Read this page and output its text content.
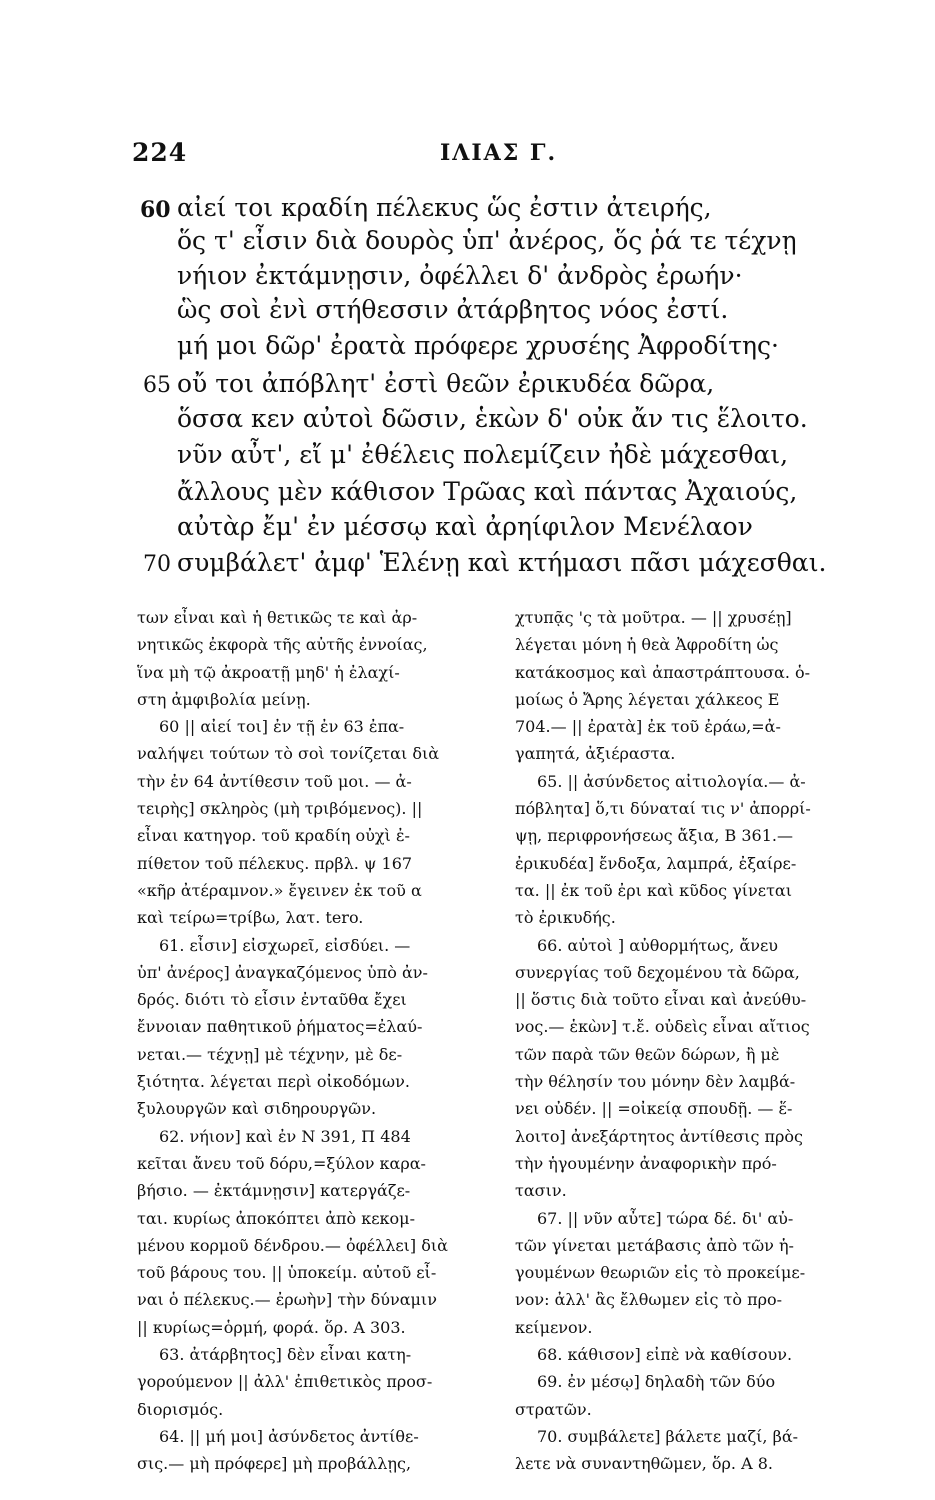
224	ΙΛΙΑΣ Γ.
60 αἰεί τοι κραδίη πέλεκυς ὥς ἐστιν ἀτειρής,
ὅς τ' εἶσιν διὰ δουρὸς ὑπ' ἀνέρος, ὅς ῥά τε τέχνῃ
νήιον ἐκτάμνῃσιν, ὀφέλλει δ' ἀνδρὸς ἐρωήν·
ὣς σοὶ ἐνὶ στήθεσσιν ἀτάρβητος νόος ἐστί.
μή μοι δῶρ' ἐρατὰ πρόφερε χρυσέης Ἀφροδίτης·
65 οὔ τοι ἀπόβλητ' ἐστὶ θεῶν ἐρικυδέα δῶρα,
ὅσσα κεν αὐτοὶ δῶσιν, ἑκὼν δ' οὐκ ἄν τις ἕλοιτο.
νῦν αὖτ', εἴ μ' ἐθέλεις πολεμίζειν ἠδὲ μάχεσθαι,
ἄλλους μὲν κάθισον Τρῶας καὶ πάντας Ἀχαιούς,
αὐτὰρ ἔμ' ἐν μέσσῳ καὶ ἀρηίφιλον Μενέλαον
70 συμβάλετ' ἀμφ' Ἑλένῃ καὶ κτήμασι πᾶσι μάχεσθαι.
των εἶναι καὶ ἡ θετικῶς τε καὶ ἀρ-
νητικῶς ἐκφορὰ τῆς αὐτῆς ἐννοίας,
ἵνα μὴ τῷ ἀκροατῇ μηδ' ἡ ἐλαχί-
στη ἀμφιβολία μείνῃ.
60 || αἰεί τοι] ἐν τῇ ἐν 63 ἐπα-
ναλήψει τούτων τὸ σοὶ τονίζεται διὰ
τὴν ἐν 64 ἀντίθεσιν τοῦ μοι. — ἀ-
τειρὴς] σκληρὸς (μὴ τριβόμενος). ||
εἶναι κατηγορ. τοῦ κραδίη οὐχὶ ἐ-
πίθετον τοῦ πέλεκυς. πρβλ. ψ 167
«κῆρ ἀτέραμνον.» ἔγεινεν ἐκ τοῦ α
καὶ τείρω=τρίβω, λατ. tero.
61. εἶσιν] εἰσχωρεῖ, εἰσδύει. —
ὑπ' ἀνέρος] ἀναγκαζόμενος ὑπὸ ἀν-
δρός. διότι τὸ εἶσιν ἐνταῦθα ἔχει
ἔννοιαν παθητικοῦ ῥήματος=ἐλαύ-
νεται.— τέχνῃ] μὲ τέχνην, μὲ δε-
ξιότητα. λέγεται περὶ οἰκοδόμων.
ξυλουργῶν καὶ σιδηρουργῶν.
62. νήιον] καὶ ἐν Ν 391, Π 484
κεῖται ἄνευ τοῦ δόρυ,=ξύλον καρα-
βήσιο. — ἐκτάμνῃσιν] κατεργάζε-
ται. κυρίως ἀποκόπτει ἀπὸ κεκομ-
μένου κορμοῦ δένδρου.— ὀφέλλει] διὰ
τοῦ βάρους του. || ὑποκείμ. αὐτοῦ εἶ-
ναι ὁ πέλεκυς.— ἐρωὴν] τὴν δύναμιν
|| κυρίως=ὁρμή, φορά. ὅρ. Α 303.
63. ἀτάρβητος] δὲν εἶναι κατη-
γορούμενον || ἀλλ' ἐπιθετικὸς προσ-
διορισμός.
64. || μή μοι] ἀσύνδετος ἀντίθε-
σις.— μὴ πρόφερε] μὴ προβάλλῃς,
χτυπᾷς 'ς τὰ μοῦτρα. — || χρυσέῃ]
λέγεται μόνη ἡ θεὰ Ἀφροδίτη ὡς
κατάκοσμος καὶ ἀπαστράπτουσα. ὁ-
μοίως ὁ Ἄρης λέγεται χάλκεος Ε
704.— || ἐρατὰ] ἐκ τοῦ ἐράω,=ἀ-
γαπητά, ἀξιέραστα.
65. || ἀσύνδετος αἰτιολογία.— ἀ-
πόβλητα] ὅ,τι δύναταί τις ν' ἀπορρί-
ψῃ, περιφρονήσεως ἄξια, Β 361.—
ἐρικυδέα] ἔνδοξα, λαμπρά, ἐξαίρε-
τα. || ἐκ τοῦ ἐρι καὶ κῦδος γίνεται
τὸ ἐρικυδής.
66. αὐτοὶ ] αὐθορμήτως, ἄνευ
συνεργίας τοῦ δεχομένου τὰ δῶρα,
|| ὅστις διὰ τοῦτο εἶναι καὶ ἀνεύθυ-
νος.— ἑκὼν] τ.ἔ. οὐδεὶς εἶναι αἴτιος
τῶν παρὰ τῶν θεῶν δώρων, ἢ μὲ
τὴν θέλησίν του μόνην δὲν λαμβά-
νει οὐδέν. || =οἰκείᾳ σπουδῇ. — ἕ-
λοιτο] ἀνεξάρτητος ἀντίθεσις πρὸς
τὴν ἡγουμένην ἀναφορικὴν πρό-
τασιν.
67. || νῦν αὖτε] τώρα δέ. δι' αὐ-
τῶν γίνεται μετάβασις ἀπὸ τῶν ἡ-
γουμένων θεωριῶν εἰς τὸ προκείμε-
νον: ἀλλ' ἂς ἔλθωμεν εἰς τὸ προ-
κείμενον.
68. κάθισον] εἰπὲ νὰ καθίσουν.
69. ἐν μέσῳ] δηλαδὴ τῶν δύο
στρατῶν.
70. συμβάλετε] βάλετε μαζί, βά-
λετε νὰ συναντηθῶμεν, ὅρ. Α 8.
